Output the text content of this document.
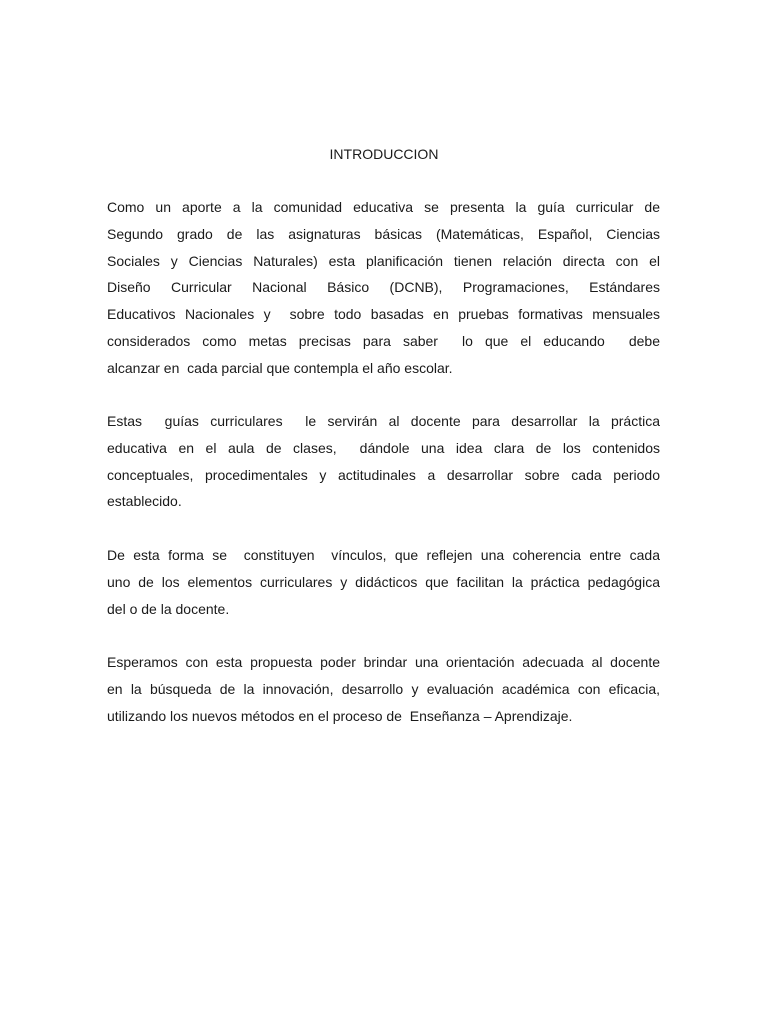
INTRODUCCION
Como un aporte a la comunidad educativa se presenta la guía curricular de
Segundo grado de las asignaturas básicas (Matemáticas, Español, Ciencias
Sociales y Ciencias Naturales) esta planificación tienen relación directa con el
Diseño Curricular Nacional Básico (DCNB), Programaciones, Estándares
Educativos Nacionales y  sobre todo basadas en pruebas formativas mensuales
considerados como metas precisas para saber  lo que el educando  debe
alcanzar en  cada parcial que contempla el año escolar.
Estas  guías curriculares  le servirán al docente para desarrollar la práctica
educativa en el aula de clases,  dándole una idea clara de los contenidos
conceptuales, procedimentales y actitudinales a desarrollar sobre cada periodo
establecido.
De esta forma se  constituyen  vínculos, que reflejen una coherencia entre cada
uno de los elementos curriculares y didácticos que facilitan la práctica pedagógica
del o de la docente.
Esperamos con esta propuesta poder brindar una orientación adecuada al docente
en la búsqueda de la innovación, desarrollo y evaluación académica con eficacia,
utilizando los nuevos métodos en el proceso de  Enseñanza – Aprendizaje.
